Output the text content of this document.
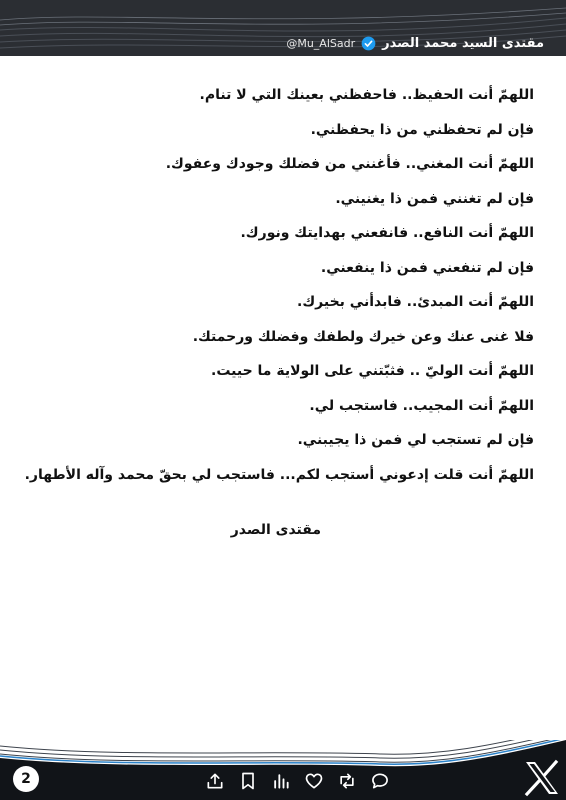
مقتدى السيد محمد الصدر
@Mu_AlSadr
اللهمّ أنت الحفيظ.. فاحفظني بعينك التي لا تنام.
فإن لم تحفظني من ذا يحفظني.
اللهمّ أنت المغني.. فأغنني من فضلك وجودك وعفوك.
فإن لم تغنني فمن ذا يغنيني.
اللهمّ أنت النافع.. فانفعني بهدايتك ونورك.
فإن لم تنفعني فمن ذا ينفعني.
اللهمّ أنت المبدئ.. فابدأني بخيرك.
فلا غنى عنك وعن خيرك ولطفك وفضلك ورحمتك.
اللهمّ أنت الوليّ .. فثبّتني على الولاية ما حييت.
اللهمّ أنت المجيب.. فاستجب لي.
فإن لم تستجب لي فمن ذا يجيبني.
اللهمّ أنت قلت إدعوني أستجب لكم... فاستجب لي بحقّ محمد وآله الأطهار.
مقتدى الصدر
2
